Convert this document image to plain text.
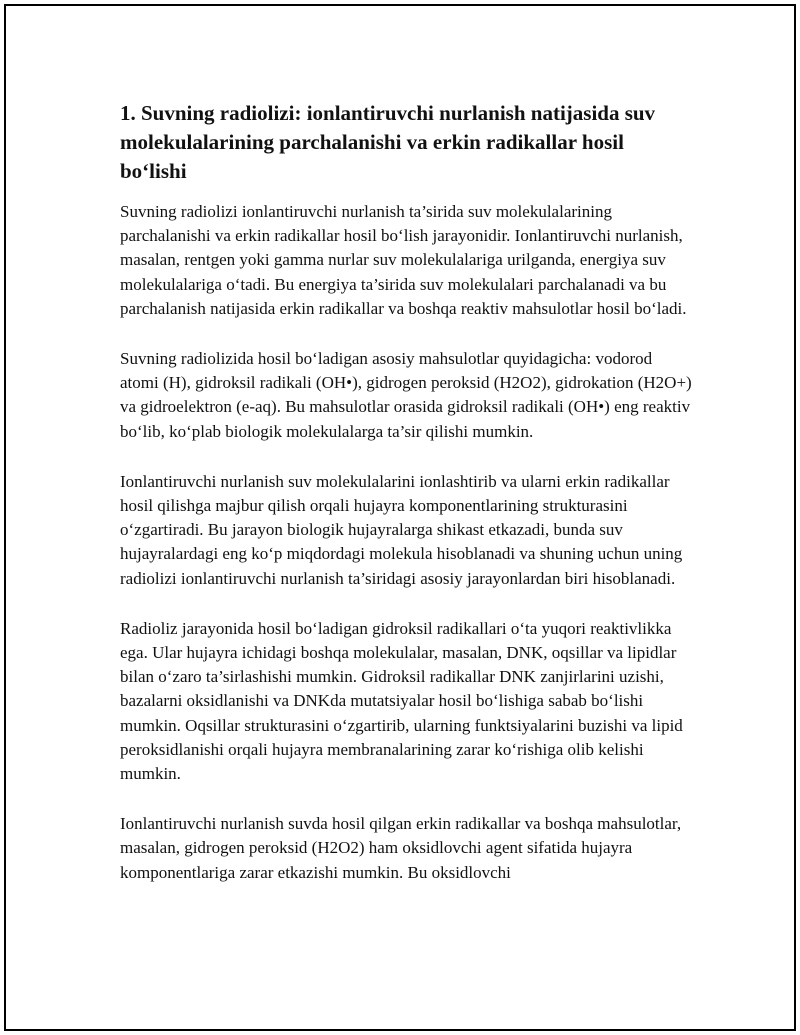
1. Suvning radiolizi: ionlantiruvchi nurlanish natijasida suv molekulalarining parchalanishi va erkin radikallar hosil bo‘lishi

Suvning radiolizi ionlantiruvchi nurlanish ta’sirida suv molekulalarining parchalanishi va erkin radikallar hosil bo‘lish jarayonidir. Ionlantiruvchi nurlanish, masalan, rentgen yoki gamma nurlar suv molekulalariga urilganda, energiya suv molekulalariga o‘tadi. Bu energiya ta’sirida suv molekulalari parchalanadi va bu parchalanish natijasida erkin radikallar va boshqa reaktiv mahsulotlar hosil bo‘ladi.

Suvning radiolizida hosil bo‘ladigan asosiy mahsulotlar quyidagicha: vodorod atomi (H), gidroksil radikali (OH•), gidrogen peroksid (H2O2), gidrokation (H2O+) va gidroelektron (e-aq). Bu mahsulotlar orasida gidroksil radikali (OH•) eng reaktiv bo‘lib, ko‘plab biologik molekulalarga ta’sir qilishi mumkin.

Ionlantiruvchi nurlanish suv molekulalarini ionlashtirib va ularni erkin radikallar hosil qilishga majbur qilish orqali hujayra komponentlarining strukturasini o‘zgartiradi. Bu jarayon biologik hujayralarga shikast etkazadi, bunda suv hujayralardagi eng ko‘p miqdordagi molekula hisoblanadi va shuning uchun uning radiolizi ionlantiruvchi nurlanish ta’siridagi asosiy jarayonlardan biri hisoblanadi.

Radioliz jarayonida hosil bo‘ladigan gidroksil radikallari o‘ta yuqori reaktivlikka ega. Ular hujayra ichidagi boshqa molekulalar, masalan, DNK, oqsillar va lipidlar bilan o‘zaro ta’sirlashishi mumkin. Gidroksil radikallar DNK zanjirlarini uzishi, bazalarni oksidlanishi va DNKda mutatsiyalar hosil bo‘lishiga sabab bo‘lishi mumkin. Oqsillar strukturasini o‘zgartirib, ularning funktsiyalarini buzishi va lipid peroksidlanishi orqali hujayra membranalarining zarar ko‘rishiga olib kelishi mumkin.

Ionlantiruvchi nurlanish suvda hosil qilgan erkin radikallar va boshqa mahsulotlar, masalan, gidrogen peroksid (H2O2) ham oksidlovchi agent sifatida hujayra komponentlariga zarar etkazishi mumkin. Bu oksidlovchi
